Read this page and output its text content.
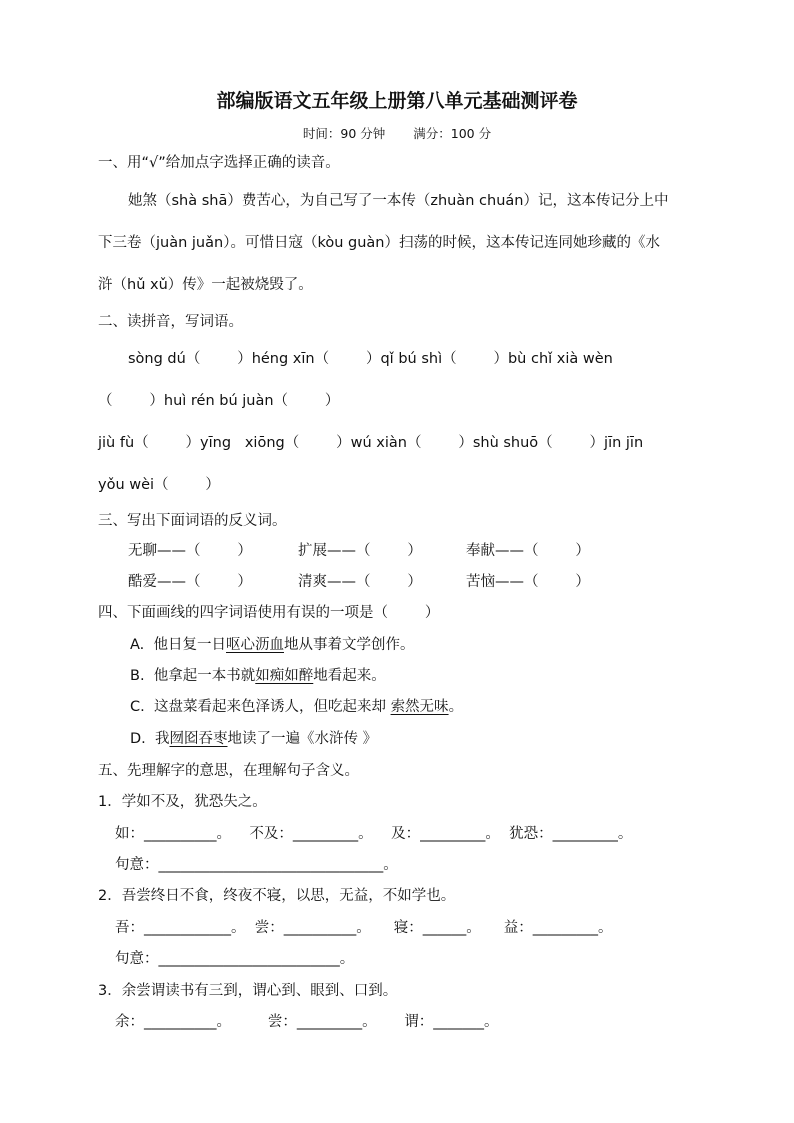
部编版语文五年级上册第八单元基础测评卷
时间：90 分钟 满分：100 分
一、用“√”给加点字选择正确的读音。
她煞（shà shā）费苦心，为自己写了一本传（zhuàn chuán）记，这本传记分上中
下三卷（juàn juǎn）。可惜日寇（kòu guàn）扫荡的时候，这本传记连同她珍藏的《水
浒（hǔ xǔ）传》一起被烧毁了。
二、读拼音，写词语。
sòng dú（        ）héng xīn（        ）qǐ bú shì（        ）bù chǐ xià wèn
（        ）huì rén bú juàn（        ）
jiù fù（        ）yīng   xiōng（        ）wú xiàn（        ）shù shuō（        ）jīn jīn
yǒu wèi（        ）
三、写出下面词语的反义词。
无聊——（        ）	扩展——（        ）	奉献——（        ）
酷爱——（        ）	清爽——（        ）	苦恼——（        ）
四、下面画线的四字词语使用有误的一项是（        ）
A.  他日复一日呕心沥血地从事着文学创作。
B.  他拿起一本书就如痴如醉地看起来。
C.  这盘菜看起来色泽诱人，但吃起来却 索然无味。
D.  我囫囵吞枣地读了一遍《水浒传 》
五、先理解字的意思，在理解句子含义。
1．学如不及，犹恐失之。
如：__________。    不及：_________。    及：_________。  犹恐：_________。
句意：_______________________________。
2．吾尝终日不食，终夜不寝，以思，无益，不如学也。
吾：____________。  尝：__________。     寝：______。     益：_________。
句意：_________________________。
3．余尝谓读书有三到，谓心到、眼到、口到。
余：__________。        尝：_________。      谓：_______。
